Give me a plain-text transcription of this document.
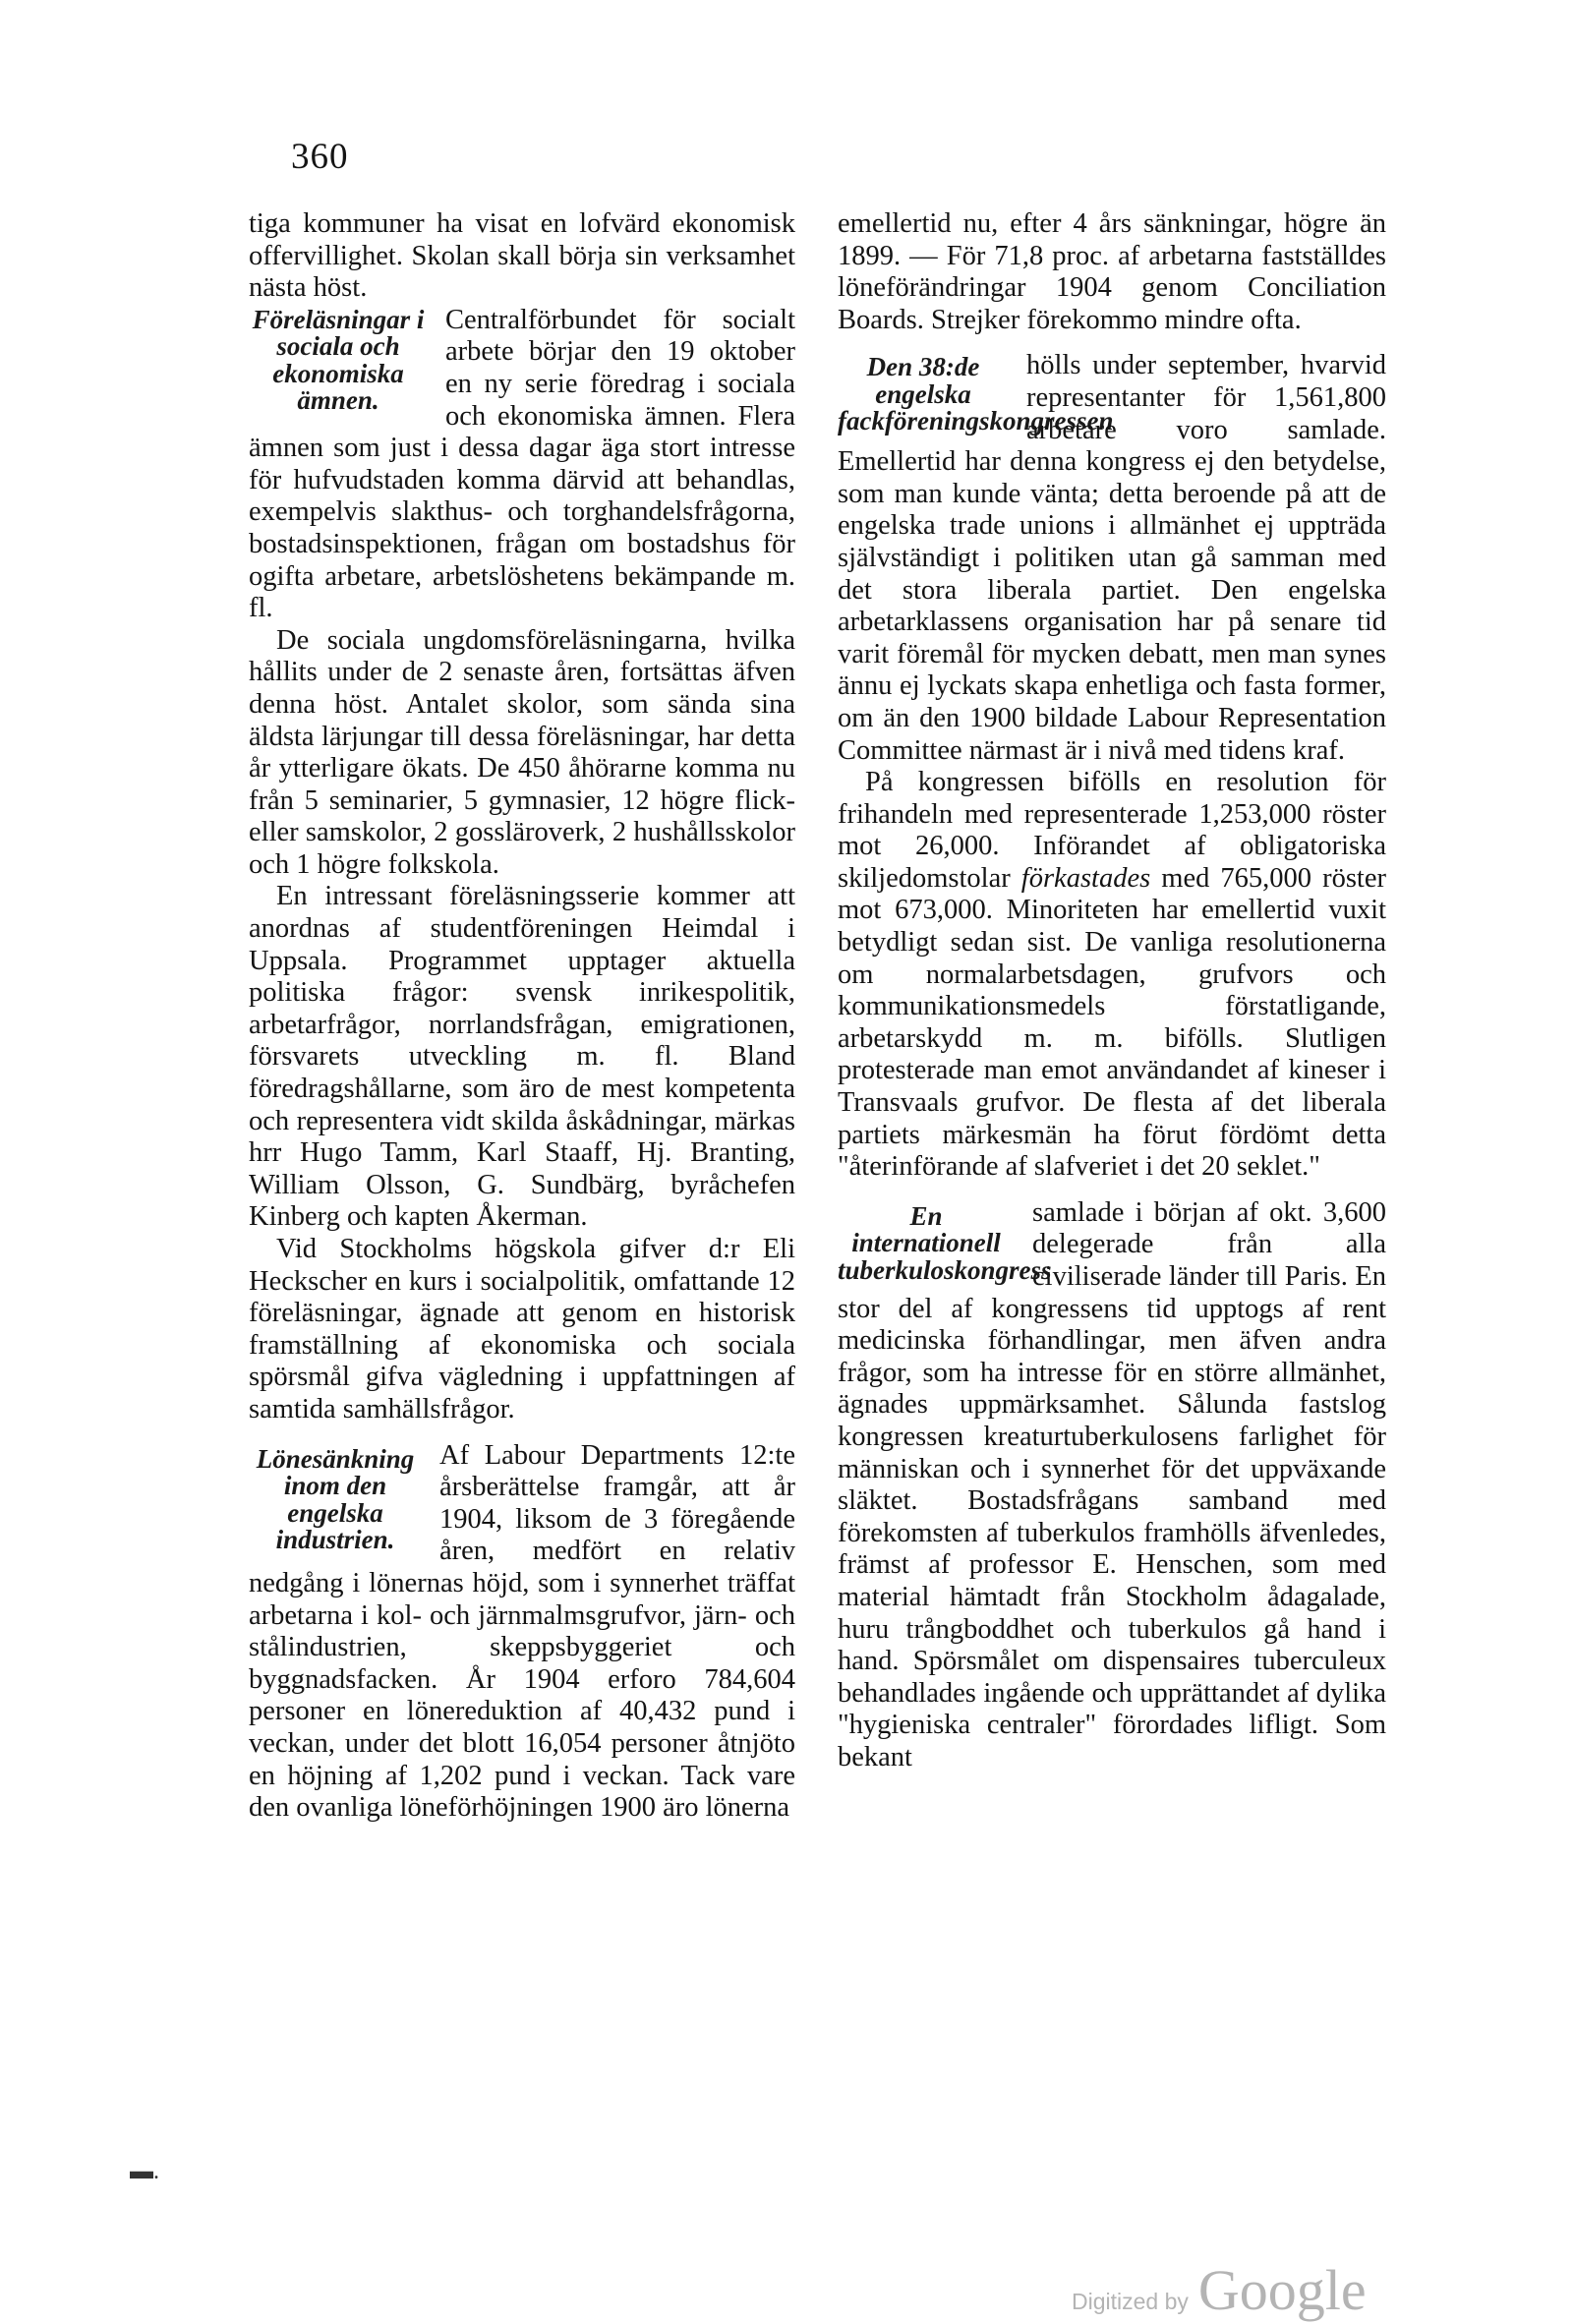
360

tiga kommuner ha visat en lofvärd ekonomisk offervillighet. Skolan skall börja sin verksamhet nästa höst.

Föreläsningar i sociala och ekonomiska ämnen.
Centralförbundet för socialt arbete börjar den 19 oktober en ny serie föredrag i sociala och ekonomiska ämnen. Flera ämnen som just i dessa dagar äga stort intresse för hufvudstaden komma därvid att behandlas, exempelvis slakthus- och torghandelsfrågorna, bostadsinspektionen, frågan om bostadshus för ogifta arbetare, arbetslöshetens bekämpande m. fl.

De sociala ungdomsföreläsningarna, hvilka hållits under de 2 senaste åren, fortsättas äfven denna höst. Antalet skolor, som sända sina äldsta lärjungar till dessa föreläsningar, har detta år ytterligare ökats. De 450 åhörarne komma nu från 5 seminarier, 5 gymnasier, 12 högre flick- eller samskolor, 2 gossläroverk, 2 hushållsskolor och 1 högre folkskola.

En intressant föreläsningsserie kommer att anordnas af studentföreningen Heimdal i Uppsala. Programmet upptager aktuella politiska frågor: svensk inrikespolitik, arbetarfrågor, norrlandsfrågan, emigrationen, försvarets utveckling m. fl. Bland föredragshållarne, som äro de mest kompetenta och representera vidt skilda åskådningar, märkas hrr Hugo Tamm, Karl Staaff, Hj. Branting, William Olsson, G. Sundbärg, byråchefen Kinberg och kapten Åkerman.

Vid Stockholms högskola gifver d:r Eli Heckscher en kurs i socialpolitik, omfattande 12 föreläsningar, ägnade att genom en historisk framställning af ekonomiska och sociala spörsmål gifva vägledning i uppfattningen af samtida samhällsfrågor.

Lönesänkning inom den engelska industrien.
Af Labour Departments 12:te årsberättelse framgår, att år 1904, liksom de 3 föregående åren, medfört en relativ nedgång i lönernas höjd, som i synnerhet träffat arbetarna i kol- och järnmalmsgrufvor, järn- och stålindustrien, skeppsbyggeriet och byggnadsfacken. År 1904 erforo 784,604 personer en lönereduktion af 40,432 pund i veckan, under det blott 16,054 personer åtnjöto en höjning af 1,202 pund i veckan. Tack vare den ovanliga löneförhöjningen 1900 äro lönerna

emellertid nu, efter 4 års sänkningar, högre än 1899. — För 71,8 proc. af arbetarna fastställdes löneförändringar 1904 genom Conciliation Boards. Strejker förekommo mindre ofta.

Den 38:de engelska fackföreningskongressen
hölls under september, hvarvid representanter för 1,561,800 arbetare voro samlade. Emellertid har denna kongress ej den betydelse, som man kunde vänta; detta beroende på att de engelska trade unions i allmänhet ej uppträda självständigt i politiken utan gå samman med det stora liberala partiet. Den engelska arbetarklassens organisation har på senare tid varit föremål för mycken debatt, men man synes ännu ej lyckats skapa enhetliga och fasta former, om än den 1900 bildade Labour Representation Committee närmast är i nivå med tidens kraf.

På kongressen bifölls en resolution för frihandeln med representerade 1,253,000 röster mot 26,000. Införandet af obligatoriska skiljedomstolar förkastades med 765,000 röster mot 673,000. Minoriteten har emellertid vuxit betydligt sedan sist. De vanliga resolutionerna om normalarbetsdagen, grufvors och kommunikationsmedels förstatligande, arbetarskydd m. m. bifölls. Slutligen protesterade man emot användandet af kineser i Transvaals grufvor. De flesta af det liberala partiets märkesmän ha förut fördömt detta "återinförande af slafveriet i det 20 seklet."

En internationell tuberkuloskongress
samlade i början af okt. 3,600 delegerade från alla civiliserade länder till Paris. En stor del af kongressens tid upptogs af rent medicinska förhandlingar, men äfven andra frågor, som ha intresse för en större allmänhet, ägnades uppmärksamhet. Sålunda fastslog kongressen kreaturtuberkulosens farlighet för människan och i synnerhet för det uppväxande släktet. Bostadsfrågans samband med förekomsten af tuberkulos framhölls äfvenledes, främst af professor E. Henschen, som med material hämtadt från Stockholm ådagalade, huru trångboddhet och tuberkulos gå hand i hand. Spörsmålet om dispensaires tuberculeux behandlades ingående och upprättandet af dylika "hygieniska centraler" förordades lifligt. Som bekant

▬.
Digitized by Google
